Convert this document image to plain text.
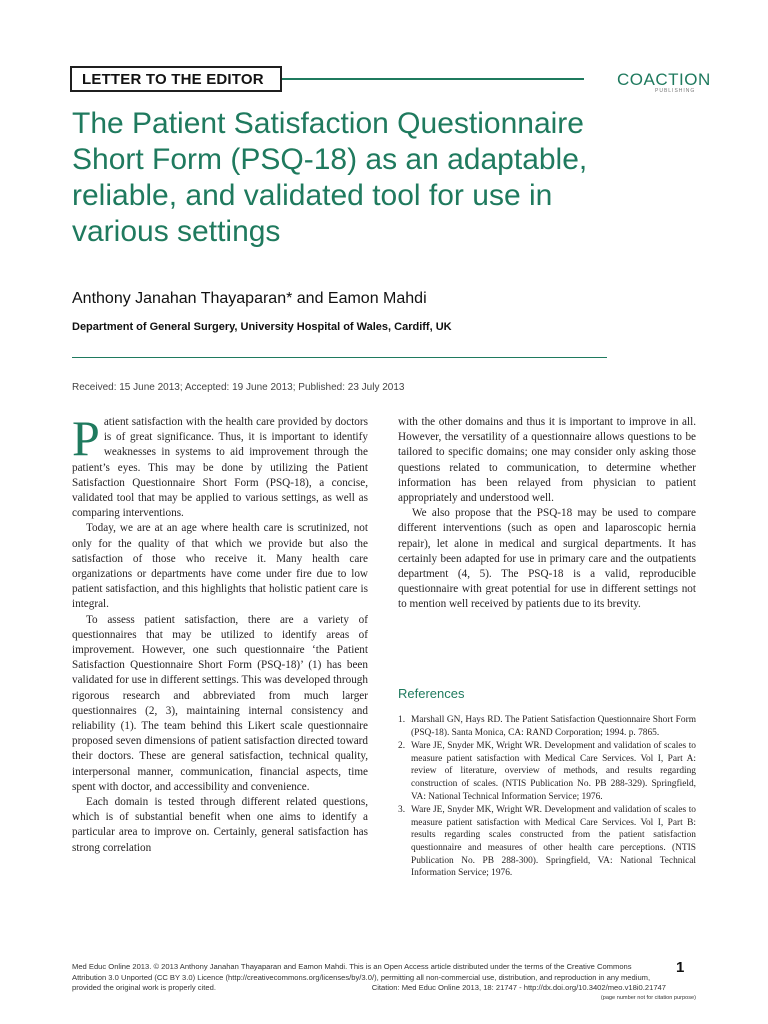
LETTER TO THE EDITOR	COACTION
PUBLISHING
The Patient Satisfaction Questionnaire Short Form (PSQ-18) as an adaptable, reliable, and validated tool for use in various settings
Anthony Janahan Thayaparan* and Eamon Mahdi
Department of General Surgery, University Hospital of Wales, Cardiff, UK
Received: 15 June 2013; Accepted: 19 June 2013; Published: 23 July 2013

Patient satisfaction with the health care provided by doctors is of great significance. Thus, it is important to identify weaknesses in systems to aid improvement through the patient’s eyes. This may be done by utilizing the Patient Satisfaction Questionnaire Short Form (PSQ-18), a concise, validated tool that may be applied to various settings, as well as comparing interventions.

Today, we are at an age where health care is scrutinized, not only for the quality of that which we provide but also the satisfaction of those who receive it. Many health care organizations or departments have come under fire due to low patient satisfaction, and this highlights that holistic patient care is integral.

To assess patient satisfaction, there are a variety of questionnaires that may be utilized to identify areas of improvement. However, one such questionnaire ‘the Patient Satisfaction Questionnaire Short Form (PSQ-18)’ (1) has been validated for use in different settings. This was developed through rigorous research and abbreviated from much larger questionnaires (2, 3), maintaining internal consistency and reliability (1). The team behind this Likert scale questionnaire proposed seven dimensions of patient satisfaction directed toward their doctors. These are general satisfaction, technical quality, interpersonal manner, communication, financial aspects, time spent with doctor, and accessibility and convenience.

Each domain is tested through different related questions, which is of substantial benefit when one aims to identify a particular area to improve on. Certainly, general satisfaction has strong correlation

with the other domains and thus it is important to improve in all. However, the versatility of a questionnaire allows questions to be tailored to specific domains; one may consider only asking those questions related to communication, to determine whether information has been relayed from physician to patient appropriately and understood well.

We also propose that the PSQ-18 may be used to compare different interventions (such as open and laparoscopic hernia repair), let alone in medical and surgical departments. It has certainly been adapted for use in primary care and the outpatients department (4, 5). The PSQ-18 is a valid, reproducible questionnaire with great potential for use in different settings not to mention well received by patients due to its brevity.

References
1. Marshall GN, Hays RD. The Patient Satisfaction Questionnaire Short Form (PSQ-18). Santa Monica, CA: RAND Corporation; 1994. p. 7865.
2. Ware JE, Snyder MK, Wright WR. Development and validation of scales to measure patient satisfaction with Medical Care Services. Vol I, Part A: review of literature, overview of methods, and results regarding construction of scales. (NTIS Publication No. PB 288-329). Springfield, VA: National Technical Information Service; 1976.
3. Ware JE, Snyder MK, Wright WR. Development and validation of scales to measure patient satisfaction with Medical Care Services. Vol I, Part B: results regarding scales constructed from the patient satisfaction questionnaire and measures of other health care perceptions. (NTIS Publication No. PB 288-300). Springfield, VA: National Technical Information Service; 1976.
Med Educ Online 2013. © 2013 Anthony Janahan Thayaparan and Eamon Mahdi. This is an Open Access article distributed under the terms of the Creative Commons Attribution 3.0 Unported (CC BY 3.0) Licence (http://creativecommons.org/licenses/by/3.0/), permitting all non-commercial use, distribution, and reproduction in any medium, provided the original work is properly cited.	Citation: Med Educ Online 2013, 18: 21747 - http://dx.doi.org/10.3402/meo.v18i0.21747
1
(page number not for citation purpose)
